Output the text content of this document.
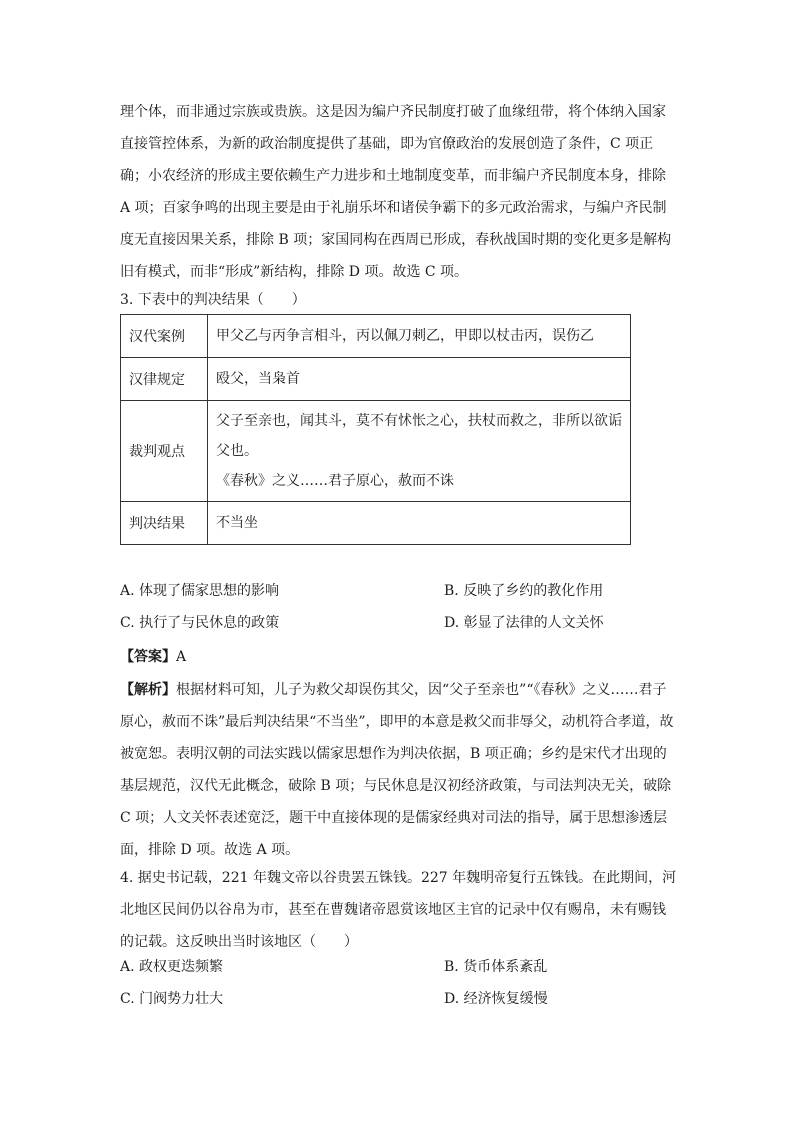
理个体，而非通过宗族或贵族。这是因为编户齐民制度打破了血缘纽带，将个体纳入国家
直接管控体系，为新的政治制度提供了基础，即为官僚政治的发展创造了条件，C 项正
确；小农经济的形成主要依赖生产力进步和土地制度变革，而非编户齐民制度本身，排除
A 项；百家争鸣的出现主要是由于礼崩乐坏和诸侯争霸下的多元政治需求，与编户齐民制
度无直接因果关系，排除 B 项；家国同构在西周已形成，春秋战国时期的变化更多是解构
旧有模式，而非“形成”新结构，排除 D 项。故选 C 项。
3. 下表中的判决结果（　　）
汉代案例	甲父乙与丙争言相斗，丙以佩刀刺乙，甲即以杖击丙，误伤乙

汉律规定	殴父，当枭首

裁判观点	父子至亲也，闻其斗，莫不有怵怅之心，扶杖而救之，非所以欲诟
父也。
《春秋》之义……君子原心，赦而不诛

判决结果	不当坐
A. 体现了儒家思想的影响	B. 反映了乡约的教化作用
C. 执行了与民休息的政策	D. 彰显了法律的人文关怀
【答案】A
【解析】根据材料可知，儿子为救父却误伤其父，因“父子至亲也”“《春秋》之义……君子
原心，赦而不诛”最后判决结果“不当坐”，即甲的本意是救父而非辱父，动机符合孝道，故
被宽恕。表明汉朝的司法实践以儒家思想作为判决依据，B 项正确；乡约是宋代才出现的
基层规范，汉代无此概念，破除 B 项；与民休息是汉初经济政策，与司法判决无关，破除
C 项；人文关怀表述宽泛，题干中直接体现的是儒家经典对司法的指导，属于思想渗透层
面，排除 D 项。故选 A 项。
4. 据史书记载，221 年魏文帝以谷贵罢五铢钱。227 年魏明帝复行五铢钱。在此期间，河
北地区民间仍以谷帛为市，甚至在曹魏诸帝恩赏该地区主官的记录中仅有赐帛，未有赐钱
的记载。这反映出当时该地区（　　）
A. 政权更迭频繁	B. 货币体系紊乱
C. 门阀势力壮大	D. 经济恢复缓慢
